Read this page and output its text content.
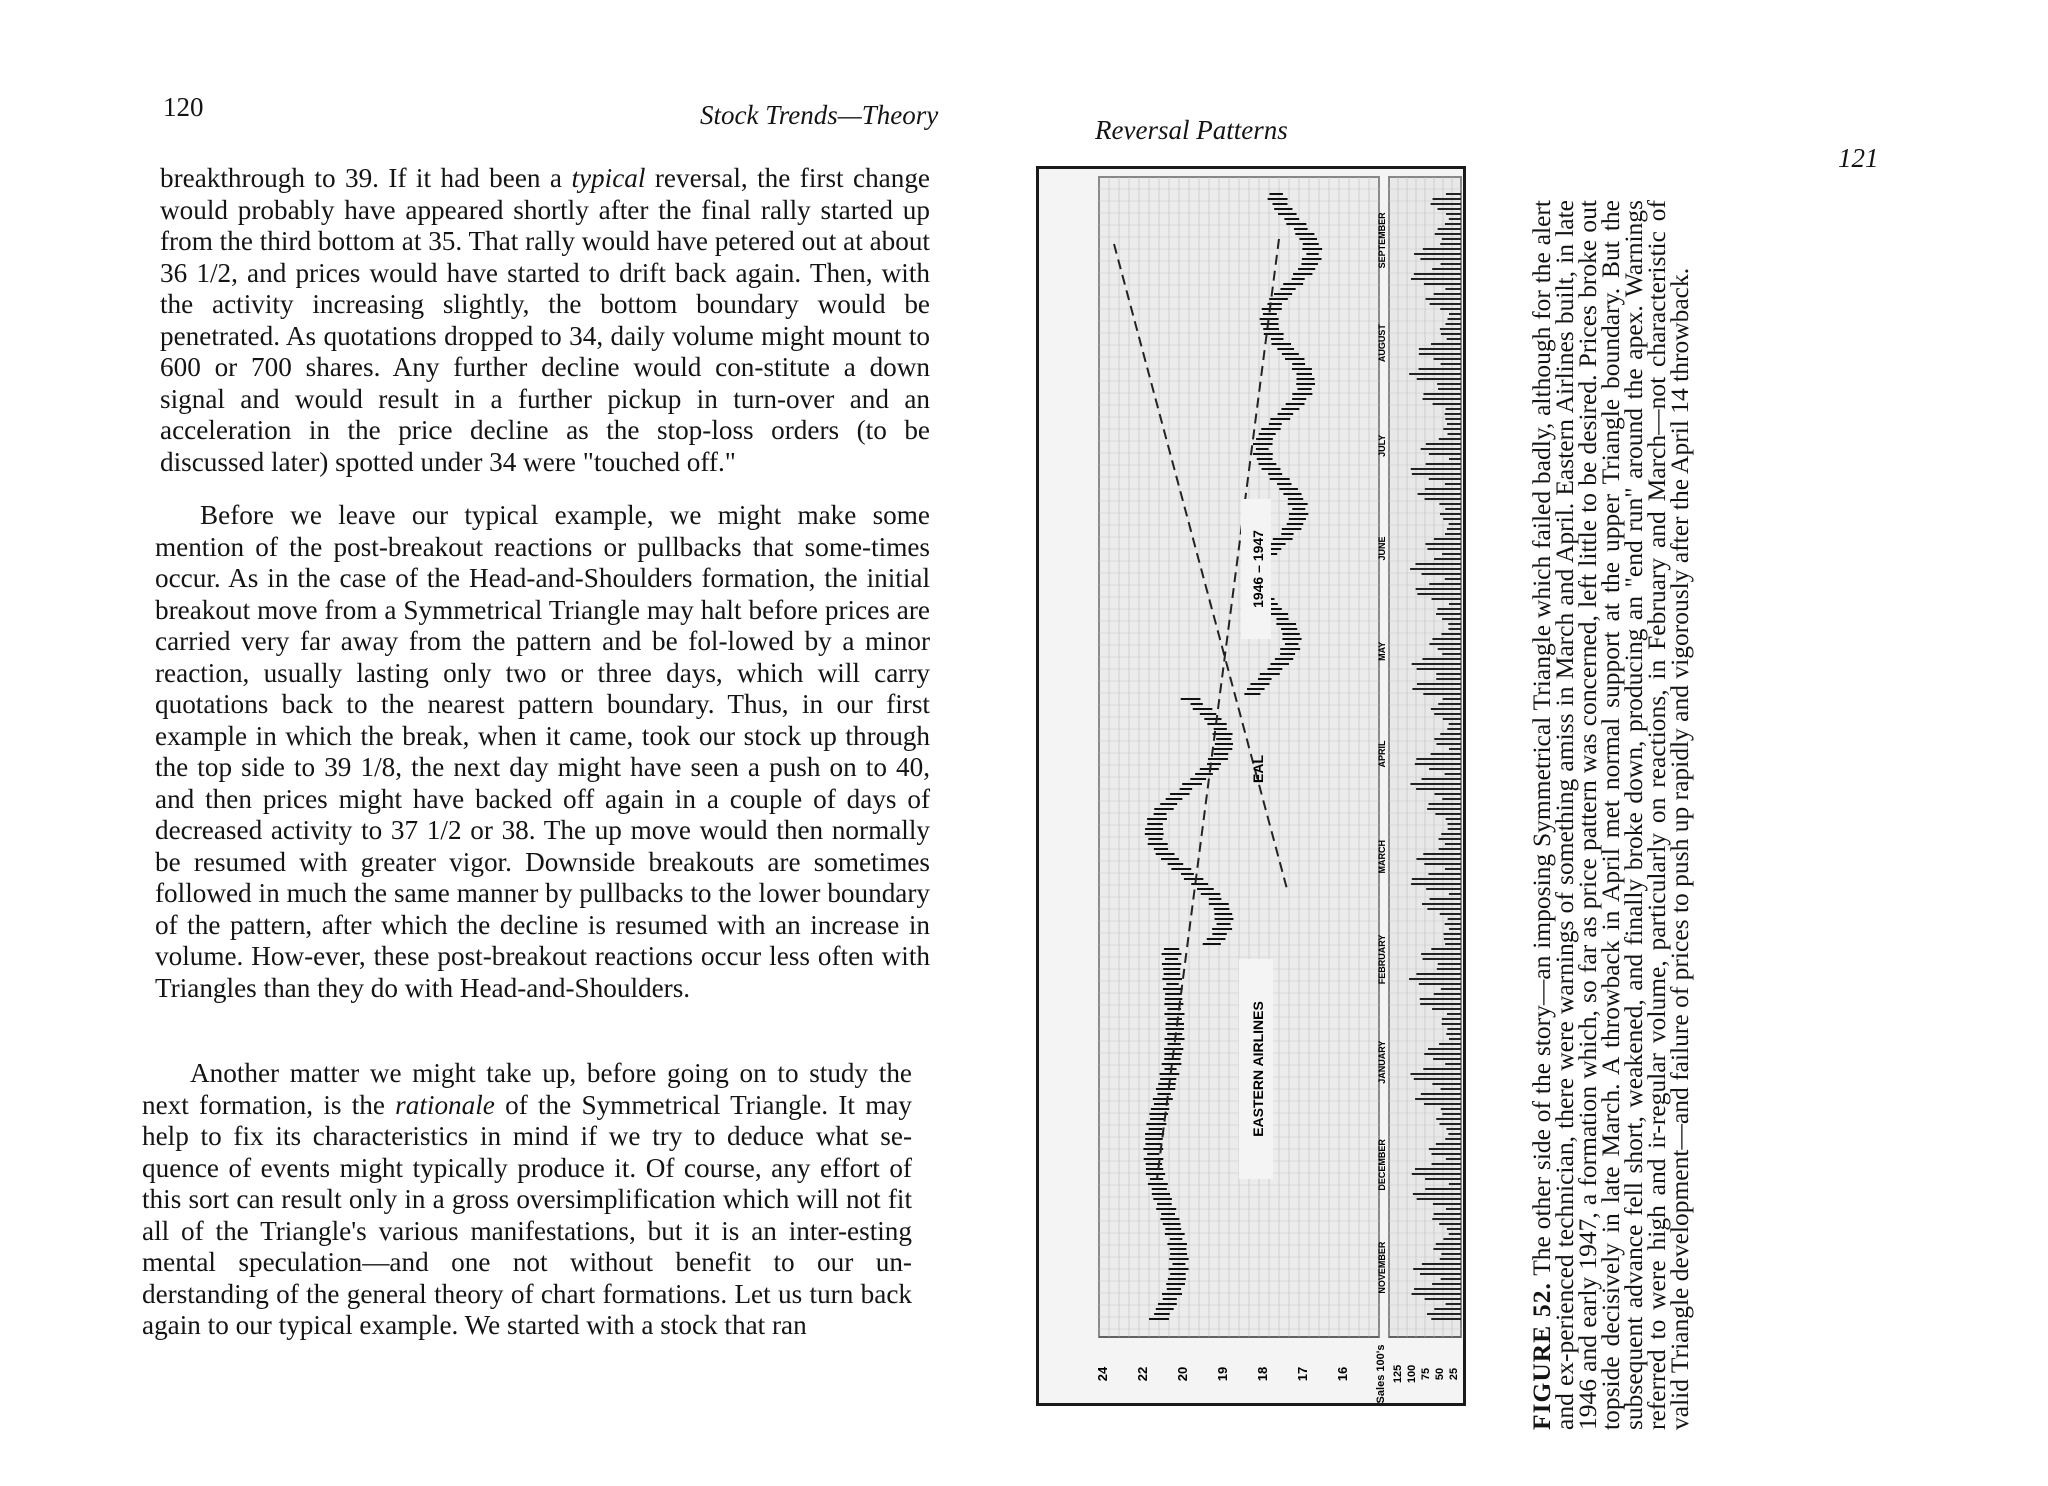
120	Stock Trends—Theory

breakthrough to 39. If it had been a typical reversal, the first change would probably have appeared shortly after the final rally started up from the third bottom at 35. That rally would have petered out at about 36 1/2, and prices would have started to drift back again. Then, with the activity increasing slightly, the bottom boundary would be penetrated. As quotations dropped to 34, daily volume might mount to 600 or 700 shares. Any further decline would con-stitute a down signal and would result in a further pickup in turn-over and an acceleration in the price decline as the stop-loss orders (to be discussed later) spotted under 34 were "touched off."

Before we leave our typical example, we might make some mention of the post-breakout reactions or pullbacks that some-times occur. As in the case of the Head-and-Shoulders formation, the initial breakout move from a Symmetrical Triangle may halt before prices are carried very far away from the pattern and be fol-lowed by a minor reaction, usually lasting only two or three days, which will carry quotations back to the nearest pattern boundary. Thus, in our first example in which the break, when it came, took our stock up through the top side to 39 1/8, the next day might have seen a push on to 40, and then prices might have backed off again in a couple of days of decreased activity to 37 1/2 or 38. The up move would then normally be resumed with greater vigor. Downside breakouts are sometimes followed in much the same manner by pullbacks to the lower boundary of the pattern, after which the decline is resumed with an increase in volume. How-ever, these post-breakout reactions occur less often with Triangles than they do with Head-and-Shoulders.

Another matter we might take up, before going on to study the next formation, is the rationale of the Symmetrical Triangle. It may help to fix its characteristics in mind if we try to deduce what se-quence of events might typically produce it. Of course, any effort of this sort can result only in a gross oversimplification which will not fit all of the Triangle's various manifestations, but it is an inter-esting mental speculation—and one not without benefit to our un-derstanding of the general theory of chart formations. Let us turn back again to our typical example. We started with a stock that ran

Reversal Patterns
121
EASTERN AIRLINES
EAL
1946 – 1947
24 22 20 19 18 17 16 Sales 100's 125 100 75 50 25
NOVEMBER
DECEMBER
JANUARY
FEBRUARY
MARCH
APRIL
MAY
JUNE
JULY
AUGUST
SEPTEMBER
FIGURE 52. The other side of the story—an imposing Symmetrical Triangle which failed badly, although for the alert and ex-perienced technician, there were warnings of something amiss in March and April. Eastern Airlines built, in late 1946 and early 1947, a formation which, so far as price pattern was concerned, left little to be desired. Prices broke out topside decisively in late March. A throwback in April met normal support at the upper Triangle boundary. But the subsequent advance fell short, weakened, and finally broke down, producing an "end run" around the apex. Warnings referred to were high and ir-regular volume, particularly on reactions, in February and March—not characteristic of valid Triangle development—and failure of prices to push up rapidly and vigorously after the April 14 throwback.
